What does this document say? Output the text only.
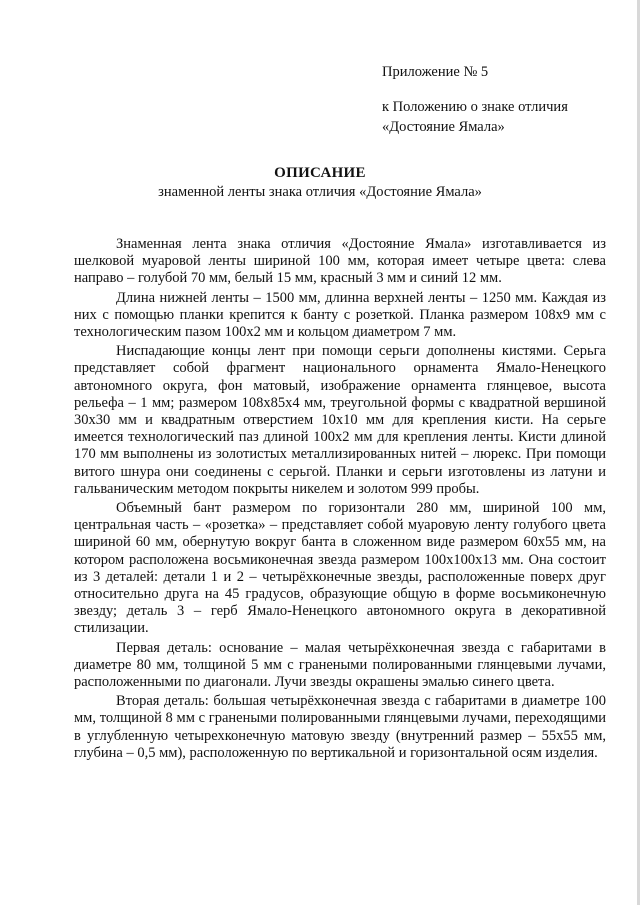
Приложение № 5
к Положению о знаке отличия
«Достояние Ямала»
ОПИСАНИЕ
знаменной ленты знака отличия «Достояние Ямала»

Знаменная лента знака отличия «Достояние Ямала» изготавливается из шелковой муаровой ленты шириной 100 мм, которая имеет четыре цвета: слева направо – голубой 70 мм, белый 15 мм, красный 3 мм и синий 12 мм.

Длина нижней ленты – 1500 мм, длинна верхней ленты – 1250 мм. Каждая из них с помощью планки крепится к банту с розеткой. Планка размером 108x9 мм с технологическим пазом 100x2 мм и кольцом диаметром 7 мм.

Ниспадающие концы лент при помощи серьги дополнены кистями. Серьга представляет собой фрагмент национального орнамента Ямало-Ненецкого автономного округа, фон матовый, изображение орнамента глянцевое, высота рельефа – 1 мм; размером 108x85x4 мм, треугольной формы с квадратной вершиной 30x30 мм и квадратным отверстием 10x10 мм для крепления кисти. На серьге имеется технологический паз длиной 100x2 мм для крепления ленты. Кисти длиной 170 мм выполнены из золотистых металлизированных нитей – люрекс. При помощи витого шнура они соединены с серьгой. Планки и серьги изготовлены из латуни и гальваническим методом покрыты никелем и золотом 999 пробы.

Объемный бант размером по горизонтали 280 мм, шириной 100 мм, центральная часть – «розетка» – представляет собой муаровую ленту голубого цвета шириной 60 мм, обернутую вокруг банта в сложенном виде размером 60x55 мм, на котором расположена восьмиконечная звезда размером 100x100x13 мм. Она состоит из 3 деталей: детали 1 и 2 – четырёхконечные звезды, расположенные поверх друг относительно друга на 45 градусов, образующие общую в форме восьмиконечную звезду; деталь 3 – герб Ямало-Ненецкого автономного округа в декоративной стилизации.

Первая деталь: основание – малая четырёхконечная звезда с габаритами в диаметре 80 мм, толщиной 5 мм с гранеными полированными глянцевыми лучами, расположенными по диагонали. Лучи звезды окрашены эмалью синего цвета.

Вторая деталь: большая четырёхконечная звезда с габаритами в диаметре 100 мм, толщиной 8 мм с гранеными полированными глянцевыми лучами, переходящими в углубленную четырехконечную матовую звезду (внутренний размер – 55x55 мм, глубина – 0,5 мм), расположенную по вертикальной и горизонтальной осям изделия.
